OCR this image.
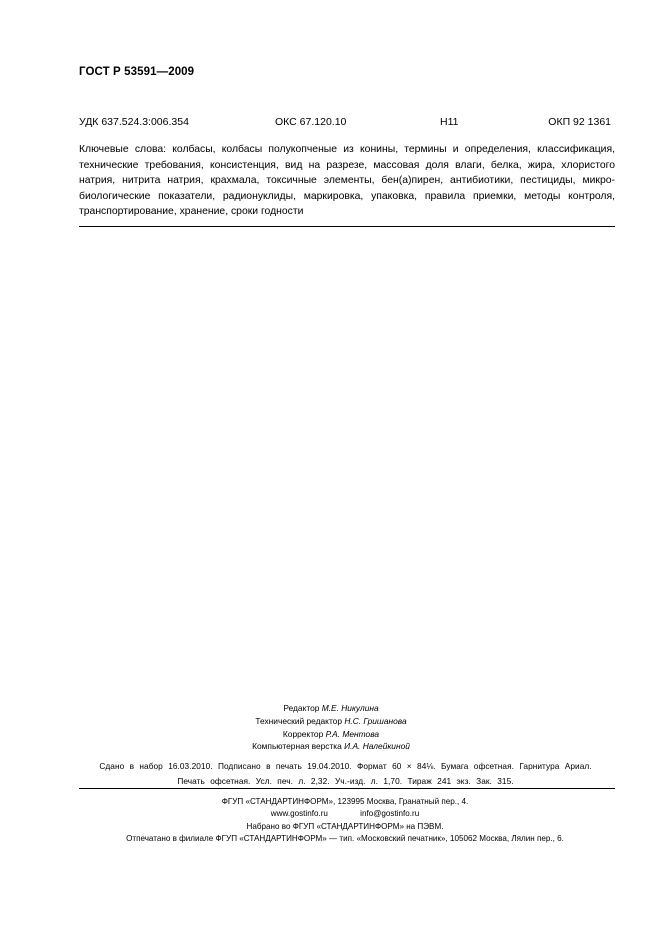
ГОСТ Р 53591—2009
УДК 637.524.3:006.354	ОКС 67.120.10	Н11	ОКП 92 1361
Ключевые слова: колбасы, колбасы полукопченые из конины, термины и определения, классификация, технические требования, консистенция, вид на разрезе, массовая доля влаги, белка, жира, хлористого натрия, нитрита натрия, крахмала, токсичные элементы, бен(а)пирен, антибиотики, пестициды, микро-биологические показатели, радионуклиды, маркировка, упаковка, правила приемки, методы контроля, транспортирование, хранение, сроки годности
Редактор М.Е. Никулина
Технический редактор Н.С. Гришанова
Корректор Р.А. Ментова
Компьютерная верстка И.А. Налейкиной
Сдано в набор 16.03.2010. Подписано в печать 19.04.2010. Формат 60 × 84⅛. Бумага офсетная. Гарнитура Ариал.
Печать офсетная. Усл. печ. л. 2,32. Уч.-изд. л. 1,70. Тираж 241 экз. Зак. 315.
ФГУП «СТАНДАРТИНФОРМ», 123995 Москва, Гранатный пер., 4.
www.gostinfo.ru	info@gostinfo.ru
Набрано во ФГУП «СТАНДАРТИНФОРМ» на ПЭВМ.
Отпечатано в филиале ФГУП «СТАНДАРТИНФОРМ» — тип. «Московский печатник», 105062 Москва, Лялин пер., 6.
